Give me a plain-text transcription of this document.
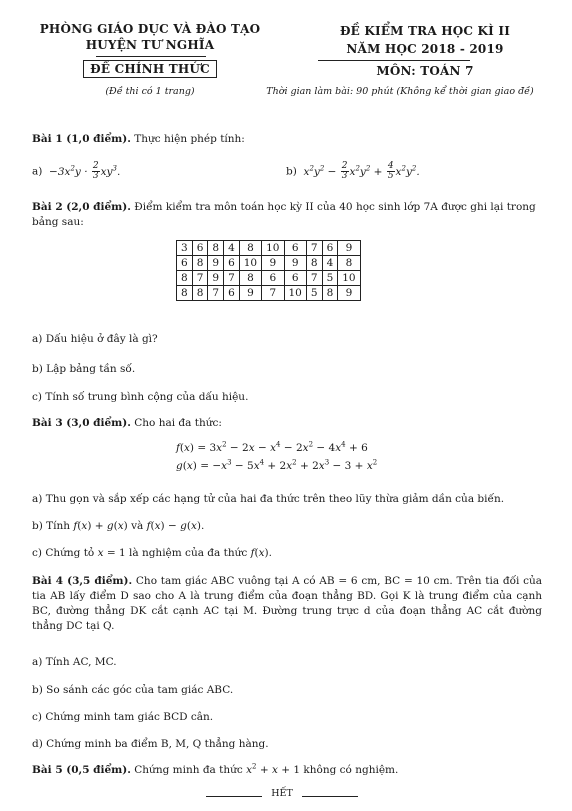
PHÒNG GIÁO DỤC VÀ ĐÀO TẠO
HUYỆN TƯ NGHĨA
ĐỀ CHÍNH THỨC
(Đề thi có 1 trang)
ĐỀ KIỂM TRA HỌC KÌ II
NĂM HỌC 2018 - 2019
MÔN: TOÁN 7
Thời gian làm bài: 90 phút (Không kể thời gian giao đề)
Bài 1 (1,0 điểm). Thực hiện phép tính:
$a) -3x^2y \cdot \frac{2}{3} xy^3$.	b) $x^2y^2 - \frac{2}{3} x^2y^2 + \frac{4}{5} x^2y^2$.
Bài 2 (2,0 điểm). Điểm kiểm tra môn toán học kỳ II của 40 học sinh lớp 7A được ghi lại trong bảng sau:
3	6	8	4	8	10	6	7	6	9
6	8	9	6	10	9	9	8	4	8
8	7	9	7	8	6	6	7	5	10
8	8	7	6	9	7	10	5	8	9
a) Dấu hiệu ở đây là gì?
b) Lập bảng tần số.
c) Tính số trung bình cộng của dấu hiệu.
Bài 3 (3,0 điểm). Cho hai đa thức:
$f(x) = 3x^2 - 2x - x^4 - 2x^2 - 4x^4 + 6$
$g(x) = -x^3 - 5x^4 + 2x^2 + 2x^3 - 3 + x^2$
a) Thu gọn và sắp xếp các hạng tử của hai đa thức trên theo lũy thừa giảm dần của biến.
b) Tính f(x) + g(x) và f(x) − g(x).
c) Chứng tỏ x = 1 là nghiệm của đa thức f(x).
Bài 4 (3,5 điểm). Cho tam giác ABC vuông tại A có AB = 6 cm, BC = 10 cm. Trên tia đối của tia AB lấy điểm D sao cho A là trung điểm của đoạn thẳng BD. Gọi K là trung điểm của cạnh BC, đường thẳng DK cắt cạnh AC tại M. Đường trung trực d của đoạn thẳng AC cắt đường thẳng DC tại Q.
a) Tính AC, MC.
b) So sánh các góc của tam giác ABC.
c) Chứng minh tam giác BCD cân.
d) Chứng minh ba điểm B, M, Q thẳng hàng.
Bài 5 (0,5 điểm). Chứng minh đa thức $x^2 + x + 1$ không có nghiệm.
HẾT
